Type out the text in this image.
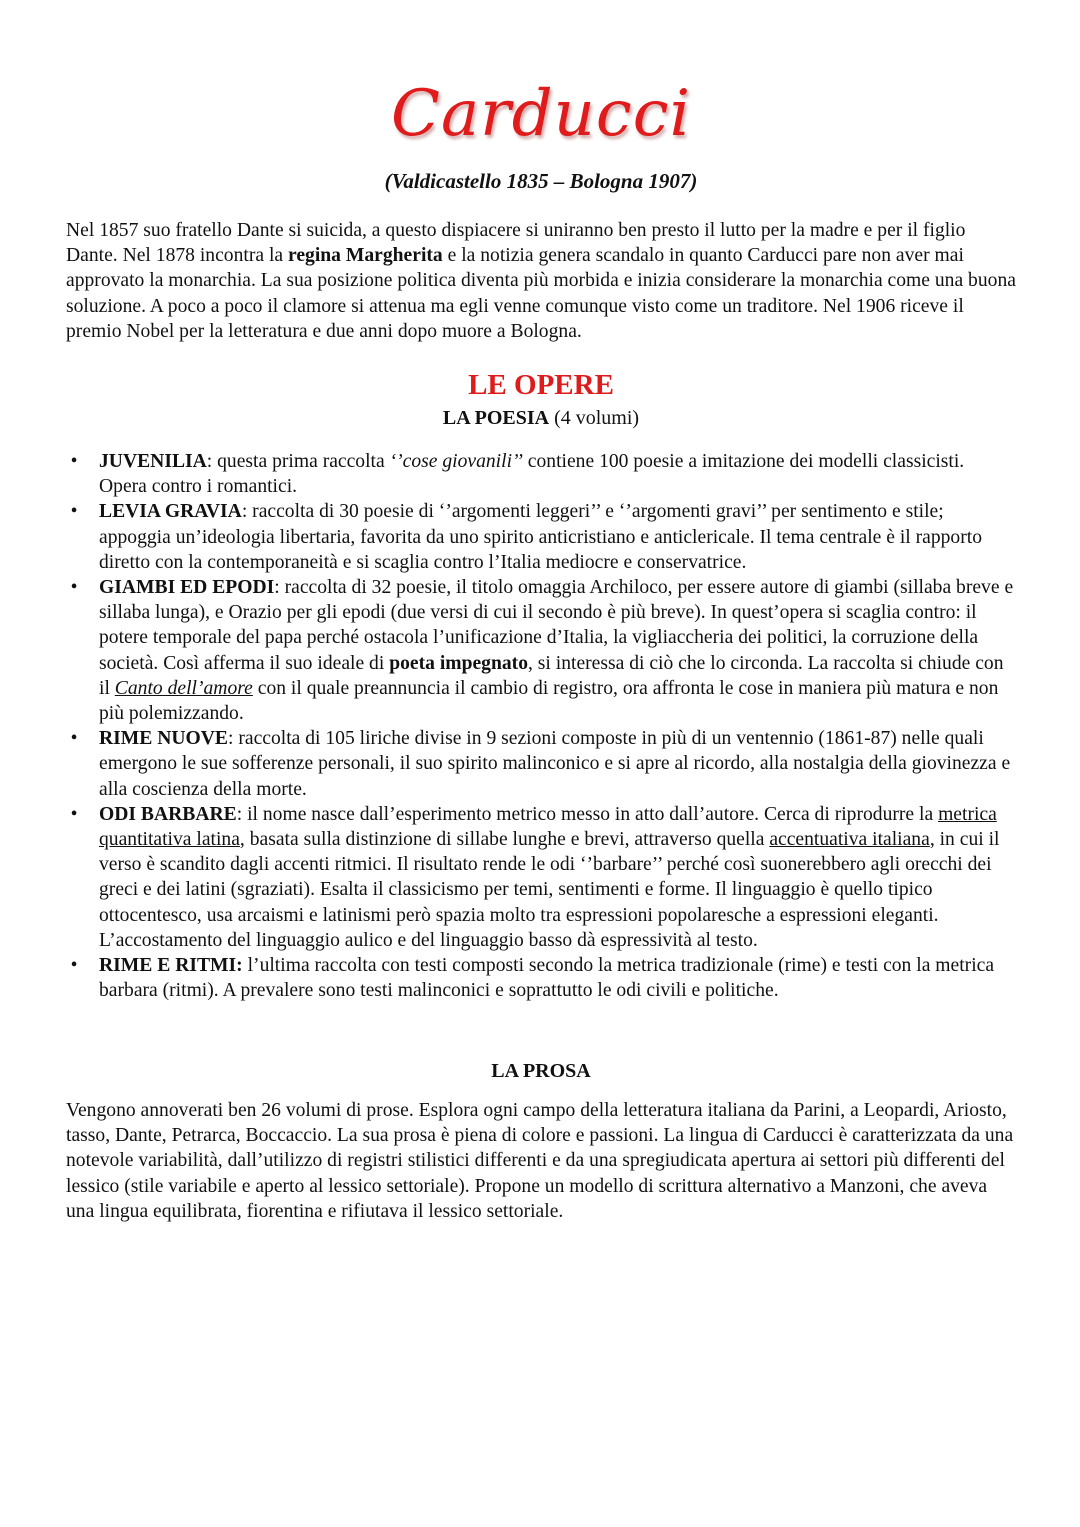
Carducci

(Valdicastello 1835 – Bologna 1907)

Nel 1857 suo fratello Dante si suicida, a questo dispiacere si uniranno ben presto il lutto per la madre e per il figlio Dante. Nel 1878 incontra la regina Margherita e la notizia genera scandalo in quanto Carducci pare non aver mai approvato la monarchia. La sua posizione politica diventa più morbida e inizia considerare la monarchia come una buona soluzione. A poco a poco il clamore si attenua ma egli venne comunque visto come un traditore. Nel 1906 riceve il premio Nobel per la letteratura e due anni dopo muore a Bologna.

LE OPERE

LA POESIA (4 volumi)

• JUVENILIA: questa prima raccolta ‘’cose giovanili’’ contiene 100 poesie a imitazione dei modelli classicisti. Opera contro i romantici.
• LEVIA GRAVIA: raccolta di 30 poesie di ‘’argomenti leggeri’’ e ‘’argomenti gravi’’ per sentimento e stile; appoggia un’ideologia libertaria, favorita da uno spirito anticristiano e anticlericale. Il tema centrale è il rapporto diretto con la contemporaneità e si scaglia contro l’Italia mediocre e conservatrice.
• GIAMBI ED EPODI: raccolta di 32 poesie, il titolo omaggia Archiloco, per essere autore di giambi (sillaba breve e sillaba lunga), e Orazio per gli epodi (due versi di cui il secondo è più breve). In quest’opera si scaglia contro: il potere temporale del papa perché ostacola l’unificazione d’Italia, la vigliaccheria dei politici, la corruzione della società. Così afferma il suo ideale di poeta impegnato, si interessa di ciò che lo circonda. La raccolta si chiude con il Canto dell’amore con il quale preannuncia il cambio di registro, ora affronta le cose in maniera più matura e non più polemizzando.
• RIME NUOVE: raccolta di 105 liriche divise in 9 sezioni composte in più di un ventennio (1861-87) nelle quali emergono le sue sofferenze personali, il suo spirito malinconico e si apre al ricordo, alla nostalgia della giovinezza e alla coscienza della morte.
• ODI BARBARE: il nome nasce dall’esperimento metrico messo in atto dall’autore. Cerca di riprodurre la metrica quantitativa latina, basata sulla distinzione di sillabe lunghe e brevi, attraverso quella accentuativa italiana, in cui il verso è scandito dagli accenti ritmici. Il risultato rende le odi ‘’barbare’’ perché così suonerebbero agli orecchi dei greci e dei latini (sgraziati). Esalta il classicismo per temi, sentimenti e forme. Il linguaggio è quello tipico ottocentesco, usa arcaismi e latinismi però spazia molto tra espressioni popolaresche a espressioni eleganti. L’accostamento del linguaggio aulico e del linguaggio basso dà espressività al testo.
• RIME E RITMI: l’ultima raccolta con testi composti secondo la metrica tradizionale (rime) e testi con la metrica barbara (ritmi). A prevalere sono testi malinconici e soprattutto le odi civili e politiche.

LA PROSA

Vengono annoverati ben 26 volumi di prose. Esplora ogni campo della letteratura italiana da Parini, a Leopardi, Ariosto, tasso, Dante, Petrarca, Boccaccio. La sua prosa è piena di colore e passioni. La lingua di Carducci è caratterizzata da una notevole variabilità, dall’utilizzo di registri stilistici differenti e da una spregiudicata apertura ai settori più differenti del lessico (stile variabile e aperto al lessico settoriale). Propone un modello di scrittura alternativo a Manzoni, che aveva una lingua equilibrata, fiorentina e rifiutava il lessico settoriale.
